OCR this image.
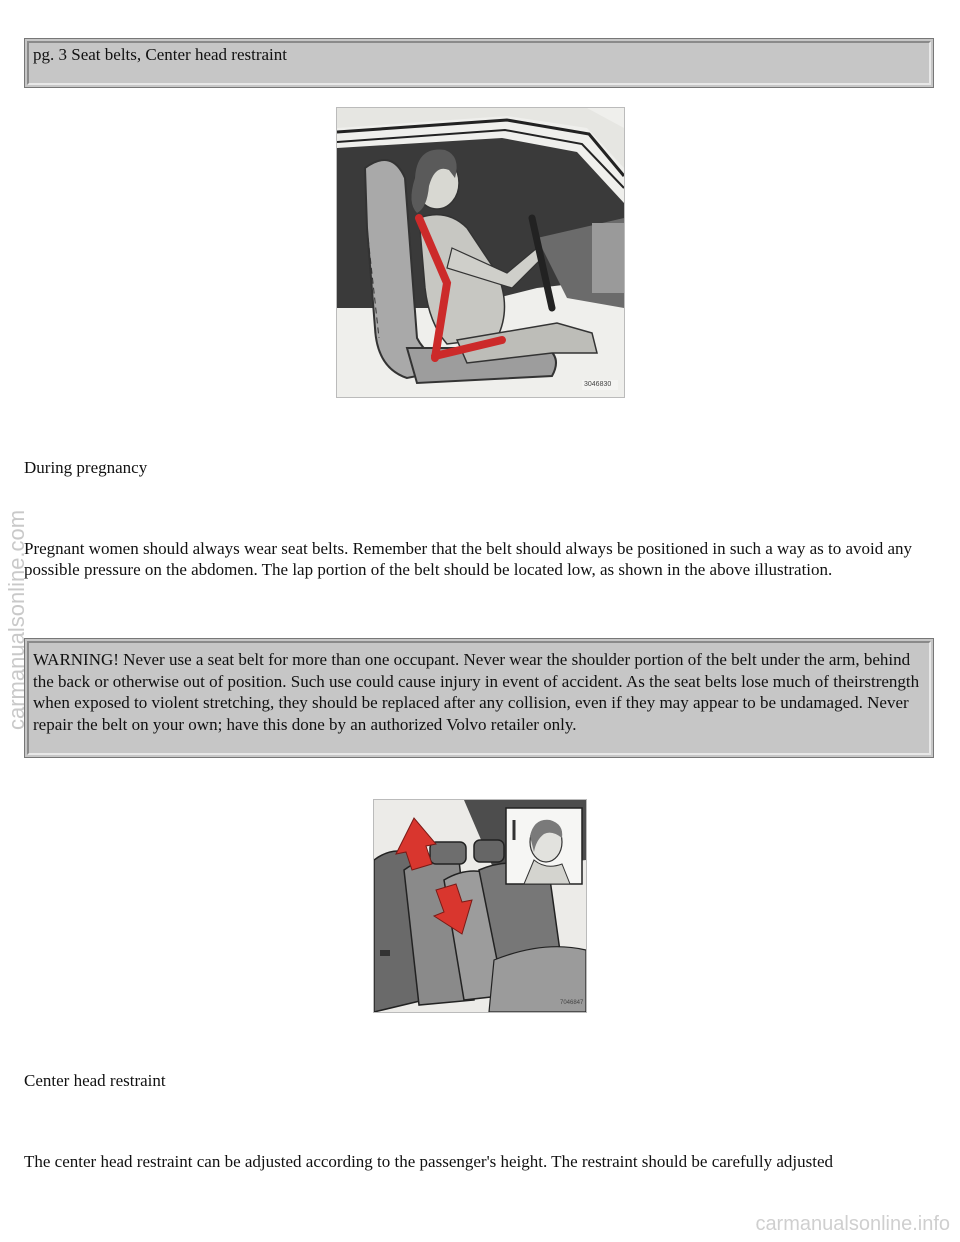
pg. 3 Seat belts, Center head restraint
3046830
During pregnancy
Pregnant women should always wear seat belts. Remember that the belt should always be positioned in such a way as to avoid any possible pressure on the abdomen. The lap portion of the belt should be located low, as shown in the above illustration.
WARNING! Never use a seat belt for more than one occupant. Never wear the shoulder portion of the belt under the arm, behind the back or otherwise out of position. Such use could cause injury in event of accident. As the seat belts lose much of theirstrength when exposed to violent stretching, they should be replaced after any collision, even if they may appear to be undamaged. Never repair the belt on your own; have this done by an authorized Volvo retailer only.
7046847
Center head restraint
The center head restraint can be adjusted according to the passenger's height. The restraint should be carefully adjusted
carmanualsonline.com
carmanualsonline.info
